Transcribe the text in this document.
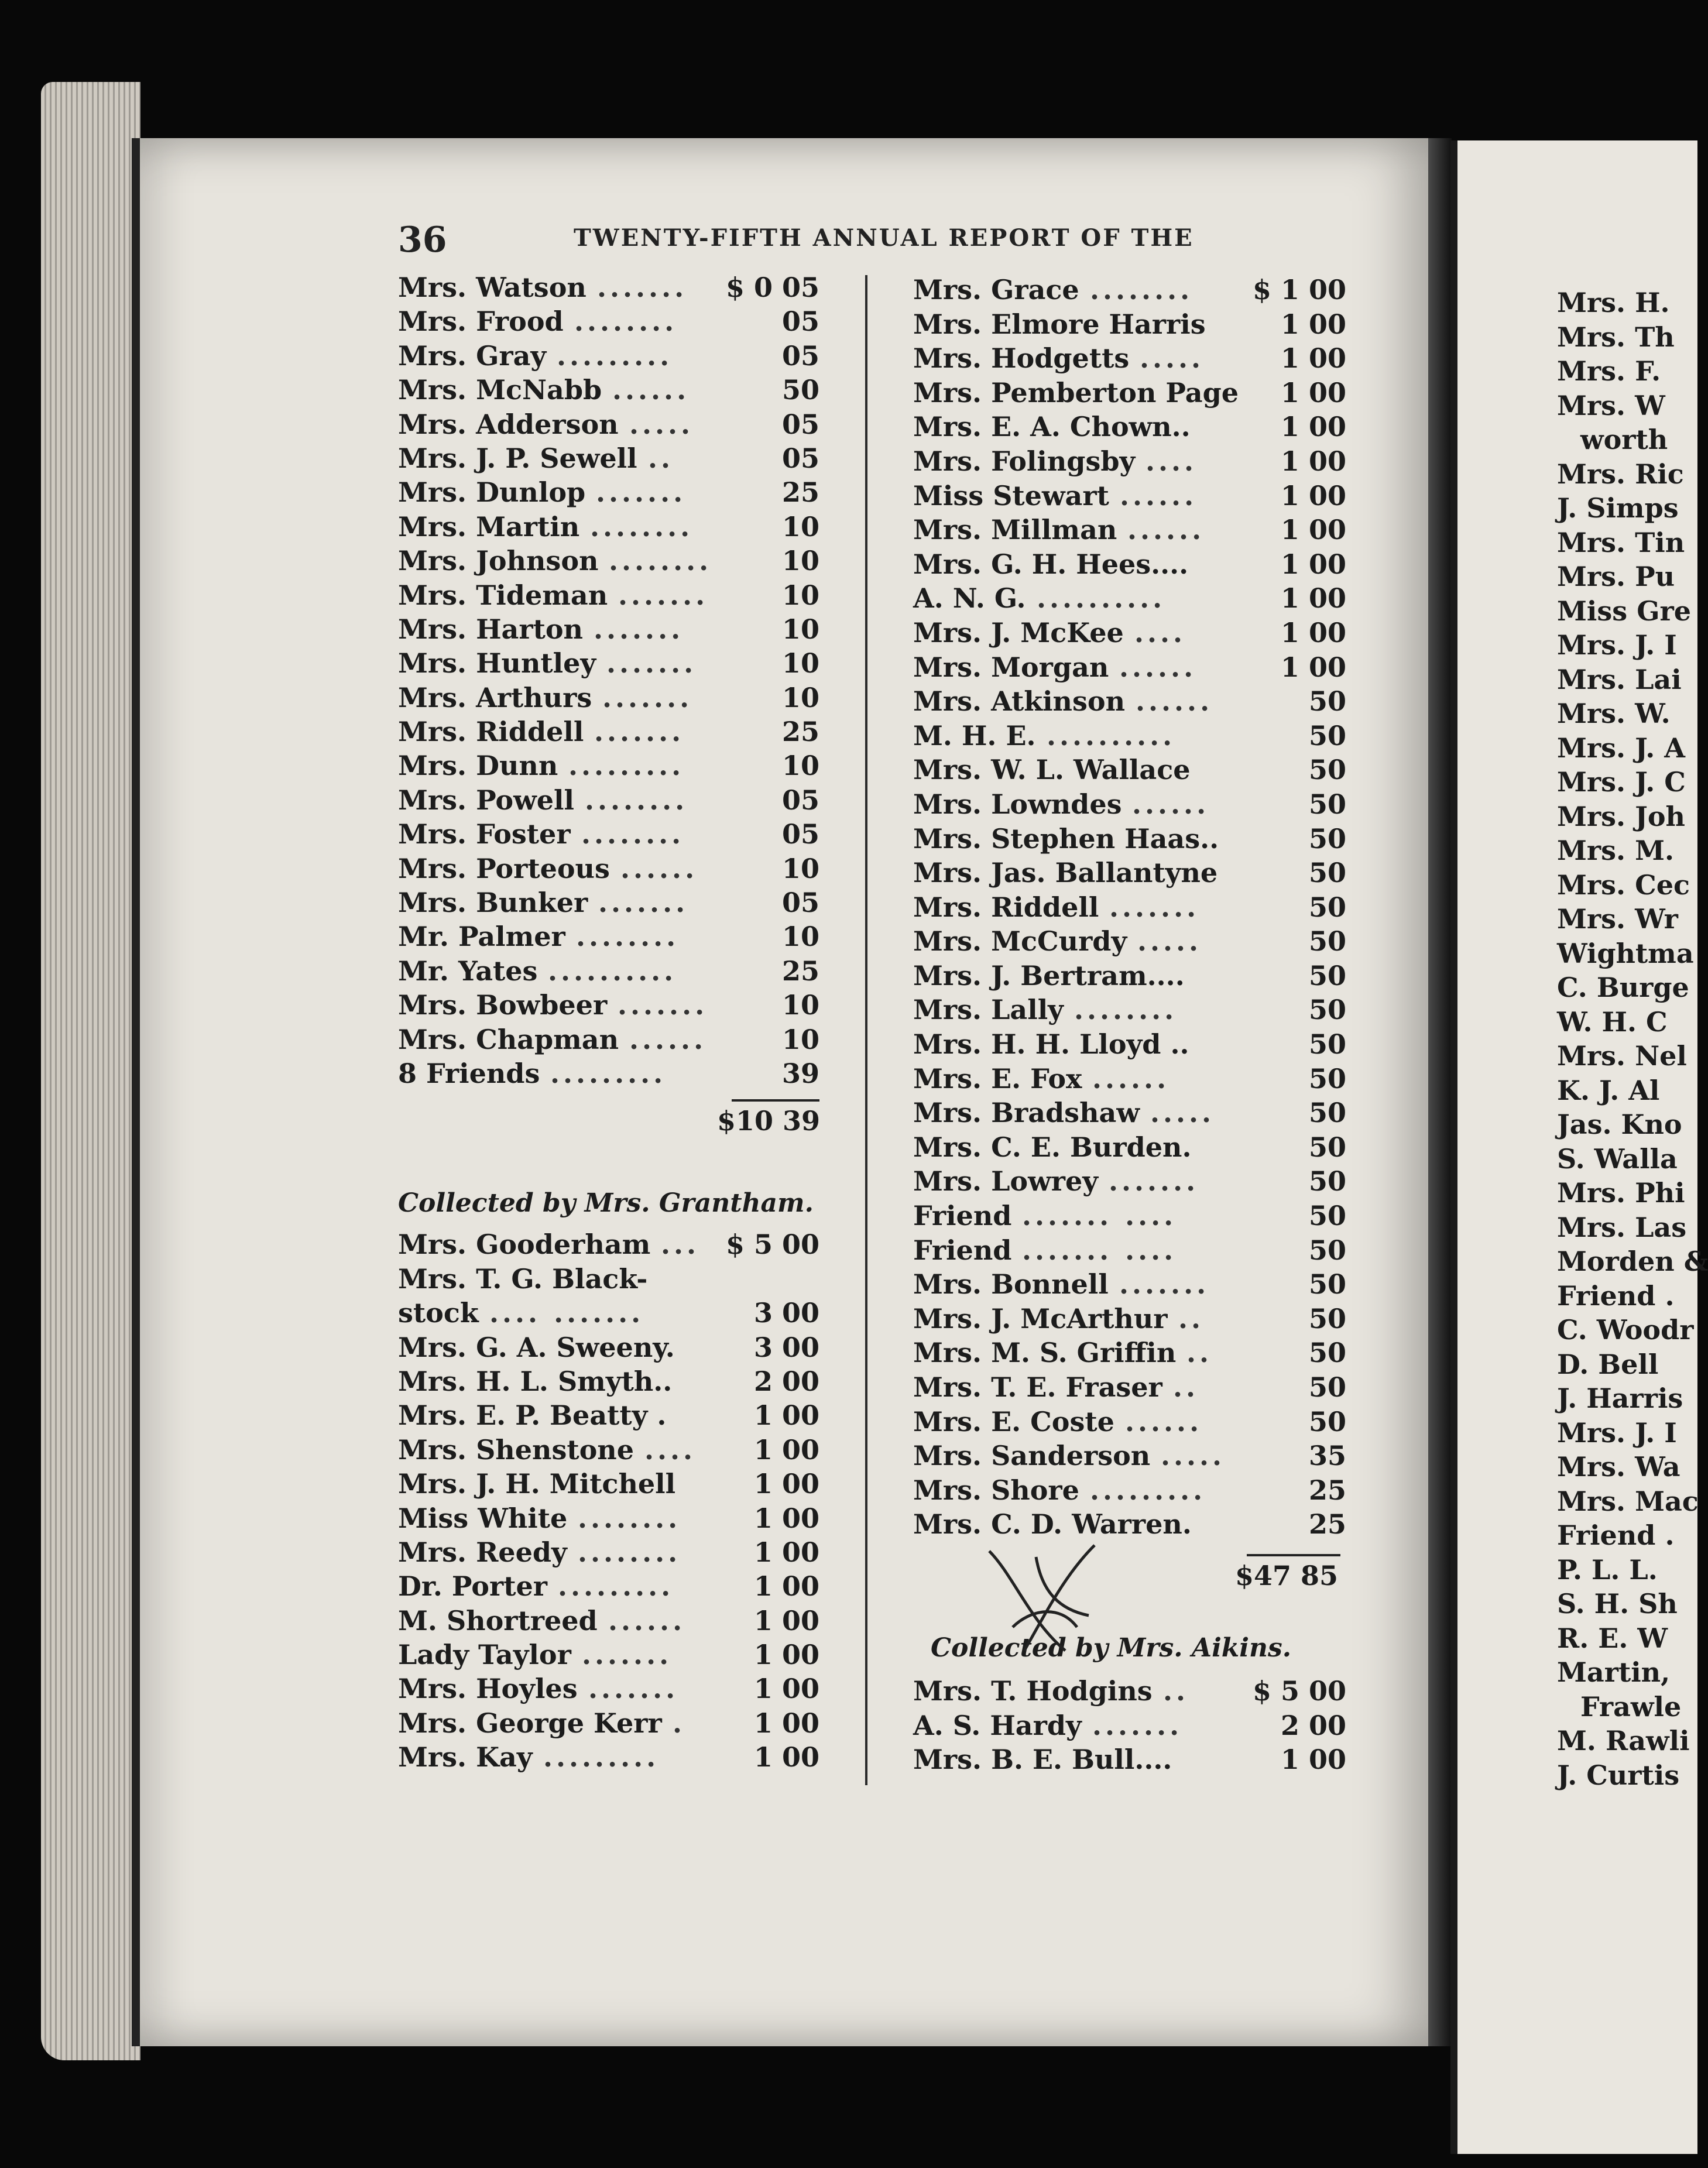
36	TWENTY-FIFTH ANNUAL REPORT OF THE
Mrs. Watson ....... $ 0 05
Mrs. Frood ........	05
Mrs. Gray .........	05
Mrs. McNabb ......	50
Mrs. Adderson .....	05
Mrs. J. P. Sewell ..	05
Mrs. Dunlop .......	25
Mrs. Martin ........	10
Mrs. Johnson ........	10
Mrs. Tideman .......	10
Mrs. Harton .......	10
Mrs. Huntley .......	10
Mrs. Arthurs .......	10
Mrs. Riddell .......	25
Mrs. Dunn .........	10
Mrs. Powell ........	05
Mrs. Foster ........	05
Mrs. Porteous ......	10
Mrs. Bunker .......	05
Mr. Palmer ........	10
Mr. Yates ..........	25
Mrs. Bowbeer .......	10
Mrs. Chapman ......	10
8 Friends .........	39
Mrs. Gooderham ... $ 5 00
Mrs. T. G. Black-
stock .... .......	3 00
Mrs. G. A. Sweeny.	3 00
Mrs. H. L. Smyth..	2 00
Mrs. E. P. Beatty .	1 00
Mrs. Shenstone .... 1 00
Mrs. J. H. Mitchell	1 00
Miss White ........	1 00
Mrs. Reedy ........	1 00
Dr. Porter .........	1 00
M. Shortreed ......	1 00
Lady Taylor .......	1 00
Mrs. Hoyles .......	1 00
Mrs. George Kerr .	1 00
Mrs. Kay .........	1 00
Mrs. Grace ........ $ 1 00
Mrs. Elmore Harris	1 00
Mrs. Hodgetts .....	1 00
Mrs. Pemberton Page 1 00
Mrs. E. A. Chown..	1 00
Mrs. Folingsby ....	1 00
Miss Stewart ......	1 00
Mrs. Millman ......	1 00
Mrs. G. H. Hees....	1 00
A. N. G. ..........	1 00
Mrs. J. McKee ....	1 00
Mrs. Morgan ......	1 00
Mrs. Atkinson ......	50
M. H. E. ..........	50
Mrs. W. L. Wallace	50
Mrs. Lowndes ......	50
Mrs. Stephen Haas..	50
Mrs. Jas. Ballantyne	50
Mrs. Riddell .......	50
Mrs. McCurdy .....	50
Mrs. J. Bertram....	50
Mrs. Lally ........	50
Mrs. H. H. Lloyd ..	50
Mrs. E. Fox ......	50
Mrs. Bradshaw .....	50
Mrs. C. E. Burden.	50
Mrs. Lowrey .......	50
Friend ....... ....	50
Friend ....... ....	50
Mrs. Bonnell .......	50
Mrs. J. McArthur ..	50
Mrs. M. S. Griffin ..	50
Mrs. T. E. Fraser ..	50
Mrs. E. Coste ......	50
Mrs. Sanderson .....	35
Mrs. Shore .........	25
Mrs. C. D. Warren.	25
Mrs. T. Hodgins .. $ 5 00
A. S. Hardy .......	2 00
Mrs. B. E. Bull....	1 00
Mrs. H.
Mrs. Th
Mrs. F.
Mrs. W
worth
Mrs. Ric
J. Simps
Mrs. Tin
Mrs. Pu
Miss Gre
Mrs. J. I
Mrs. Lai
Mrs. W.
Mrs. J. A
Mrs. J. C
Mrs. Joh
Mrs. M.
Mrs. Cec
Mrs. Wr
Wightma
C. Burge
W. H. C
Mrs. Nel
K. J. Al
Jas. Kno
S. Walla
Mrs. Phi
Mrs. Las
Morden &
Friend .
C. Woodr
D. Bell
J. Harris
Mrs. J. I
Mrs. Wa
Mrs. Mac
Friend .
P. L. L.
S. H. Sh
R. E. W
Martin,
Frawle
M. Rawli
J. Curtis
$10 39
Collected by Mrs. Grantham.
$47 85
Collected by Mrs. Aikins.
